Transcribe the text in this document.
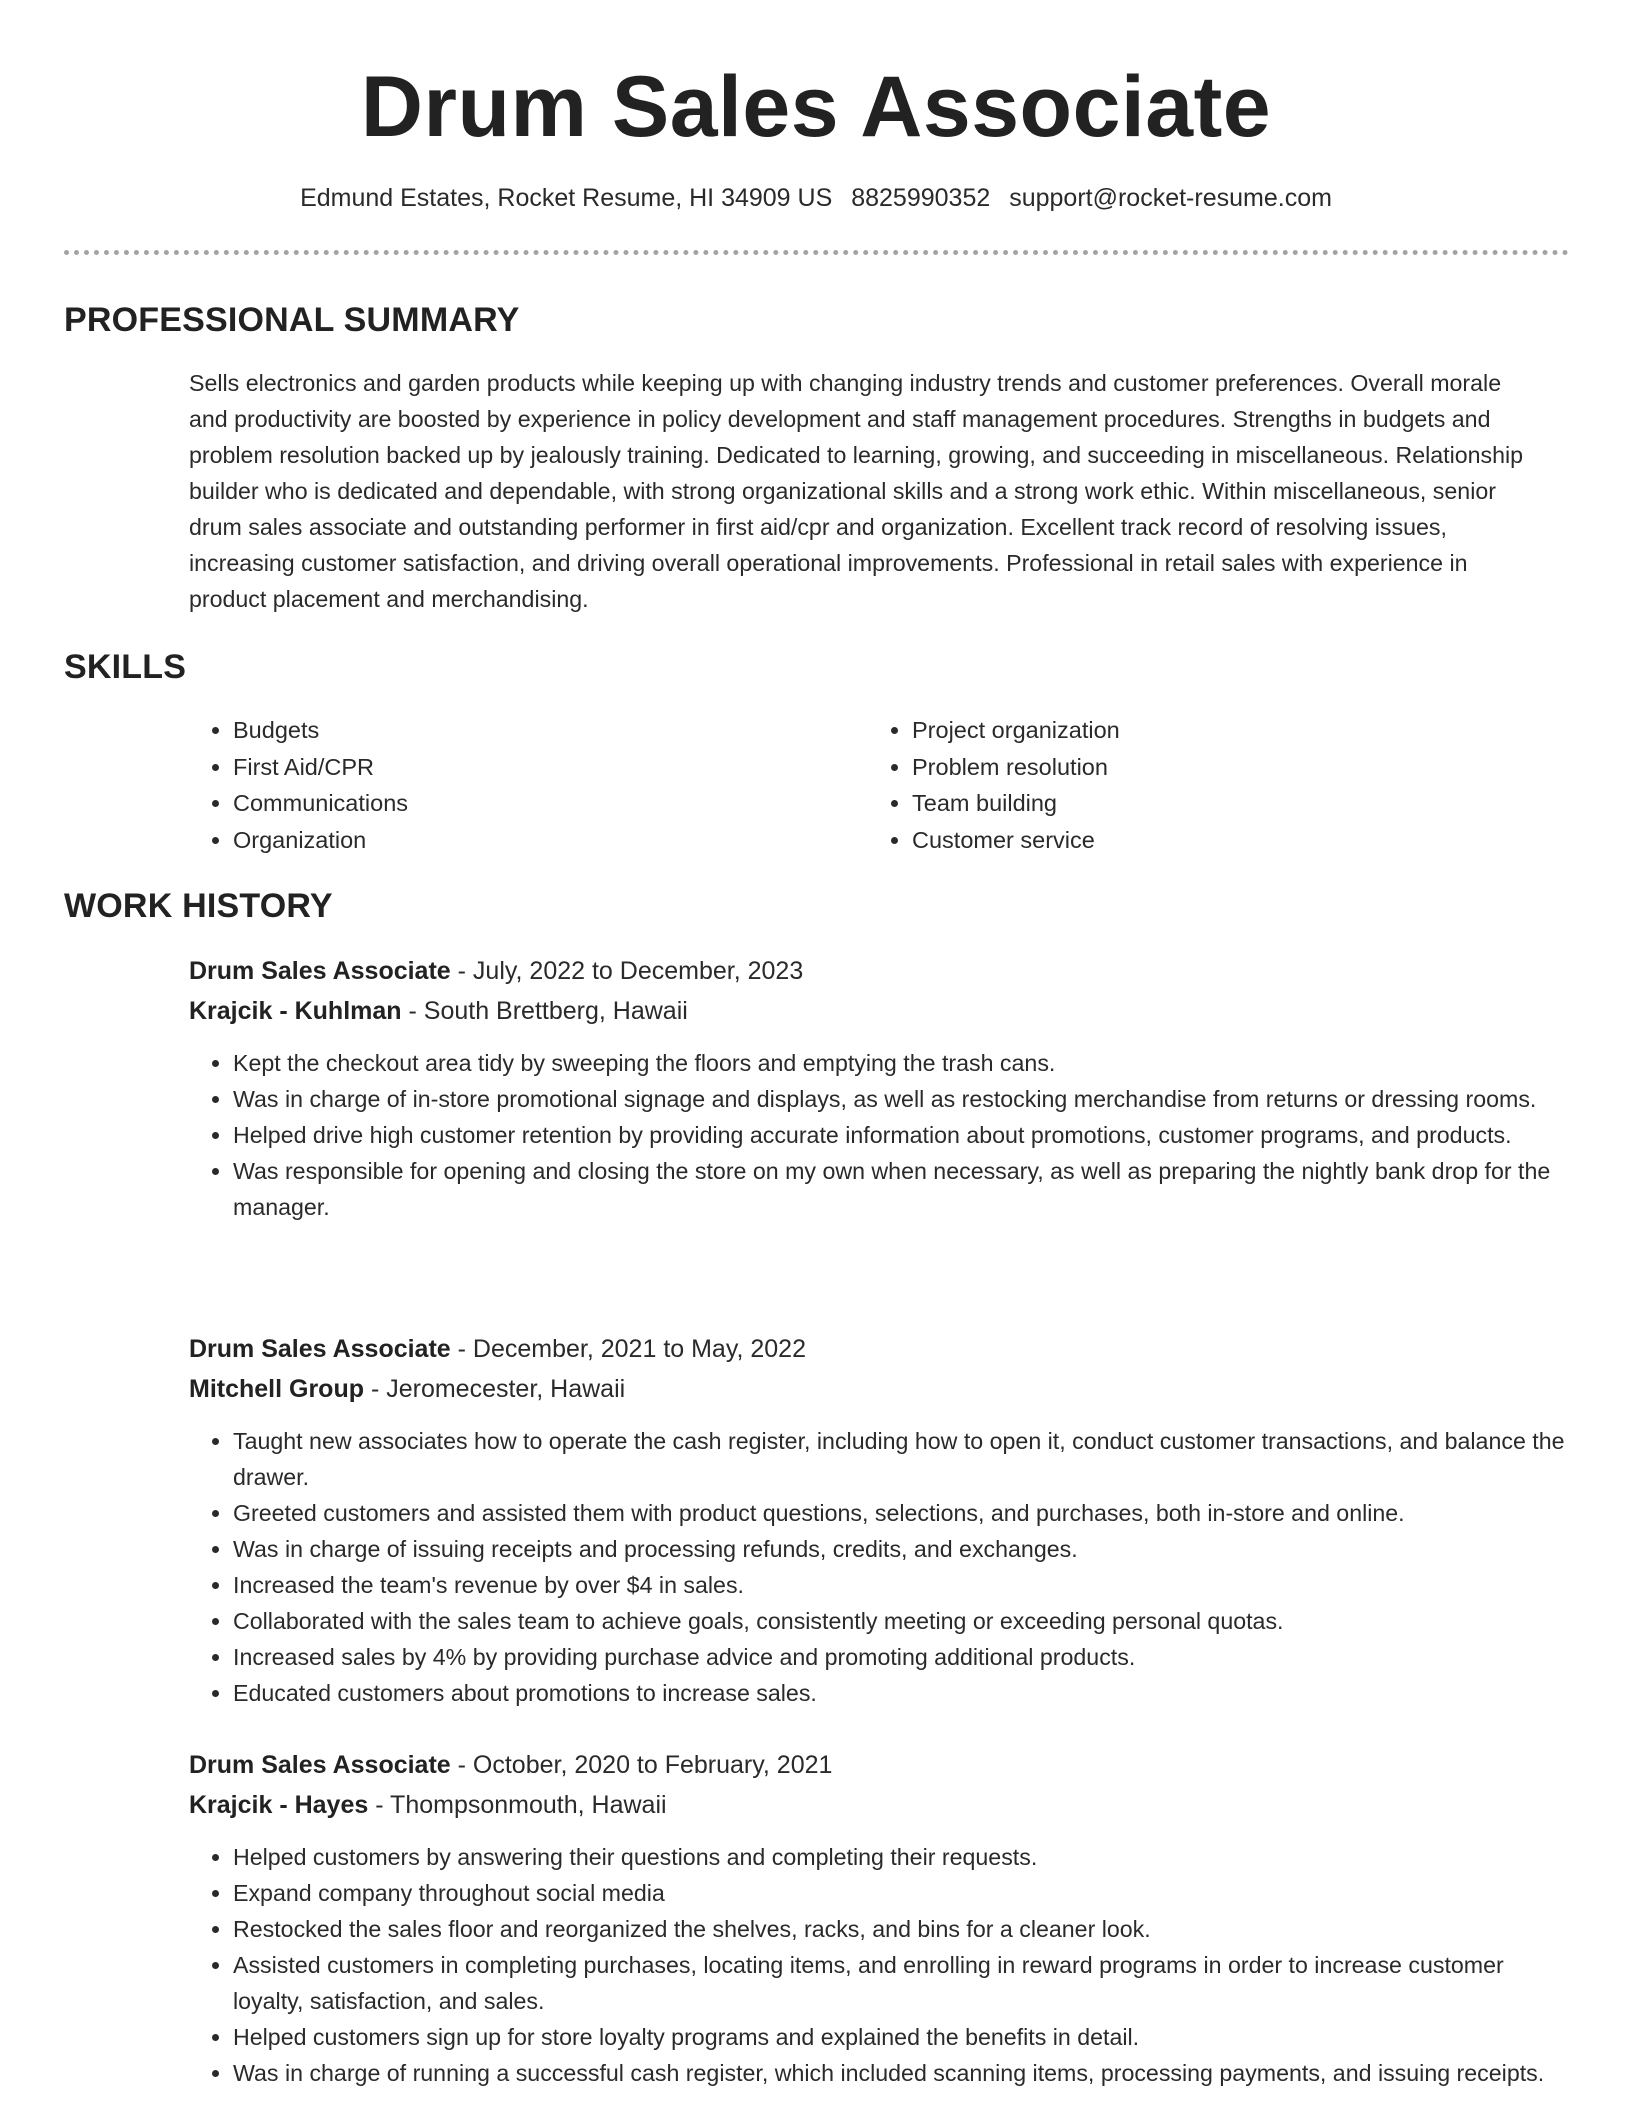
Drum Sales Associate
Edmund Estates, Rocket Resume, HI 34909 US 8825990352 support@rocket-resume.com
PROFESSIONAL SUMMARY

Sells electronics and garden products while keeping up with changing industry trends and customer preferences. Overall morale and productivity are boosted by experience in policy development and staff management procedures. Strengths in budgets and problem resolution backed up by jealously training. Dedicated to learning, growing, and succeeding in miscellaneous. Relationship builder who is dedicated and dependable, with strong organizational skills and a strong work ethic. Within miscellaneous, senior drum sales associate and outstanding performer in first aid/cpr and organization. Excellent track record of resolving issues, increasing customer satisfaction, and driving overall operational improvements. Professional in retail sales with experience in product placement and merchandising.

SKILLS
• Budgets
• First Aid/CPR
• Communications
• Organization
• Project organization
• Problem resolution
• Team building
• Customer service
WORK HISTORY
Drum Sales Associate - July, 2022 to December, 2023
Krajcik - Kuhlman - South Brettberg, Hawaii
• Kept the checkout area tidy by sweeping the floors and emptying the trash cans.
• Was in charge of in-store promotional signage and displays, as well as restocking merchandise from returns or dressing rooms.
• Helped drive high customer retention by providing accurate information about promotions, customer programs, and products.
• Was responsible for opening and closing the store on my own when necessary, as well as preparing the nightly bank drop for the manager.
Drum Sales Associate - December, 2021 to May, 2022
Mitchell Group - Jeromecester, Hawaii
• Taught new associates how to operate the cash register, including how to open it, conduct customer transactions, and balance the drawer.
• Greeted customers and assisted them with product questions, selections, and purchases, both in-store and online.
• Was in charge of issuing receipts and processing refunds, credits, and exchanges.
• Increased the team's revenue by over $4 in sales.
• Collaborated with the sales team to achieve goals, consistently meeting or exceeding personal quotas.
• Increased sales by 4% by providing purchase advice and promoting additional products.
• Educated customers about promotions to increase sales.
Drum Sales Associate - October, 2020 to February, 2021
Krajcik - Hayes - Thompsonmouth, Hawaii
• Helped customers by answering their questions and completing their requests.
• Expand company throughout social media
• Restocked the sales floor and reorganized the shelves, racks, and bins for a cleaner look.
• Assisted customers in completing purchases, locating items, and enrolling in reward programs in order to increase customer loyalty, satisfaction, and sales.
• Helped customers sign up for store loyalty programs and explained the benefits in detail.
• Was in charge of running a successful cash register, which included scanning items, processing payments, and issuing receipts.
